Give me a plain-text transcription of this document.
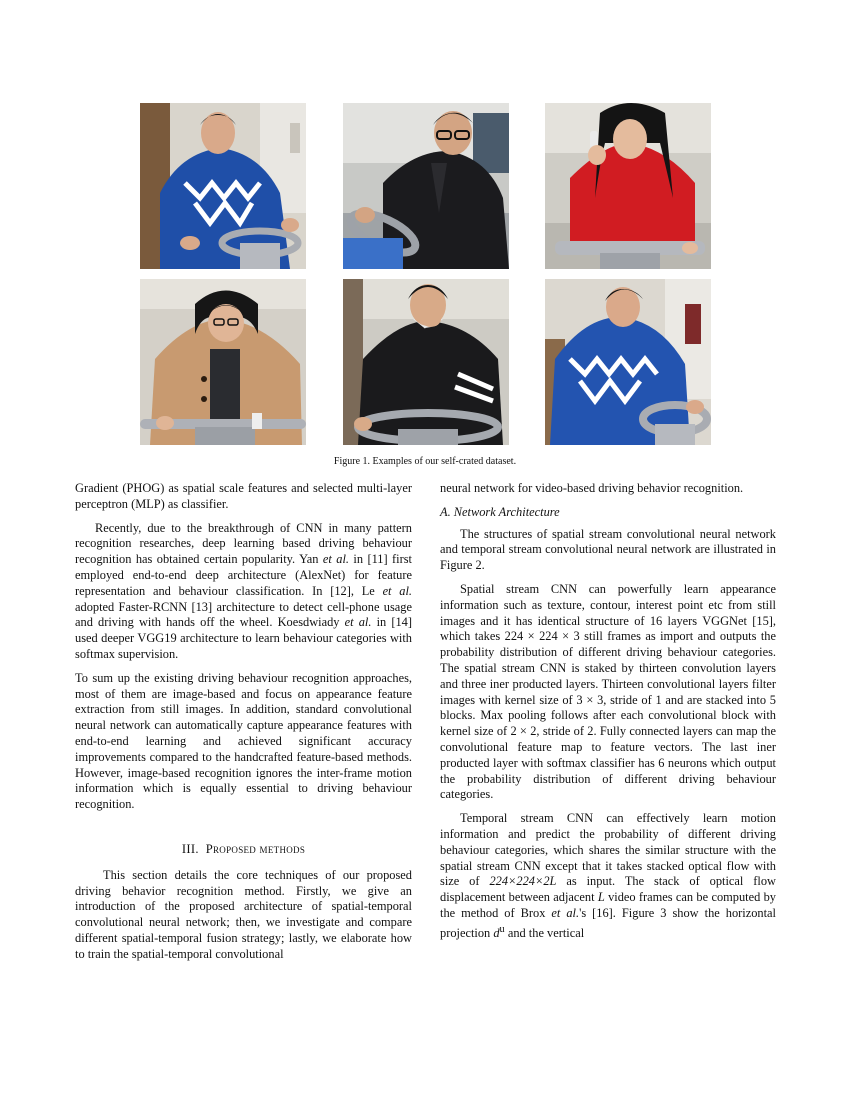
Figure 1. Examples of our self-crated dataset.

Gradient (PHOG) as spatial scale features and selected multi-layer perceptron (MLP) as classifier.

Recently, due to the breakthrough of CNN in many pattern recognition researches, deep learning based driving behaviour recognition has obtained certain popularity. Yan et al. in [11] first employed end-to-end deep architecture (AlexNet) for feature representation and behaviour classification. In [12], Le et al. adopted Faster-RCNN [13] architecture to detect cell-phone usage and driving with hands off the wheel. Koesdwiady et al. in [14] used deeper VGG19 architecture to learn behaviour categories with softmax supervision.

To sum up the existing driving behaviour recognition approaches, most of them are image-based and focus on appearance feature extraction from still images. In addition, standard convolutional neural network can automatically capture appearance features with end-to-end learning and achieved significant accuracy improvements compared to the handcrafted feature-based methods. However, image-based recognition ignores the inter-frame motion information which is equally essential to driving behaviour recognition.

III. Proposed methods

This section details the core techniques of our proposed driving behavior recognition method. Firstly, we give an introduction of the proposed architecture of spatial-temporal convolutional neural network; then, we investigate and compare different spatial-temporal fusion strategy; lastly, we elaborate how to train the spatial-temporal convolutional

neural network for video-based driving behavior recognition.

A. Network Architecture

The structures of spatial stream convolutional neural network and temporal stream convolutional neural network are illustrated in Figure 2.

Spatial stream CNN can powerfully learn appearance information such as texture, contour, interest point etc from still images and it has identical structure of 16 layers VGGNet [15], which takes 224 × 224 × 3 still frames as import and outputs the probability distribution of different driving behaviour categories. The spatial stream CNN is staked by thirteen convolution layers and three iner producted layers. Thirteen convolutional layers filter images with kernel size of 3 × 3, stride of 1 and are stacked into 5 blocks. Max pooling follows after each convolutional block with kernel size of 2 × 2, stride of 2. Fully connected layers can map the convolutional feature map to feature vectors. The last iner producted layer with softmax classifier has 6 neurons which output the probability distribution of different driving behaviour categories.

Temporal stream CNN can effectively learn motion information and predict the probability of different driving behaviour categories, which shares the similar structure with the spatial stream CNN except that it takes stacked optical flow with size of 224×224×2L as input. The stack of optical flow displacement between adjacent L video frames can be computed by the method of Brox et al.'s [16]. Figure 3 show the horizontal projection $d^u$ and the vertical
